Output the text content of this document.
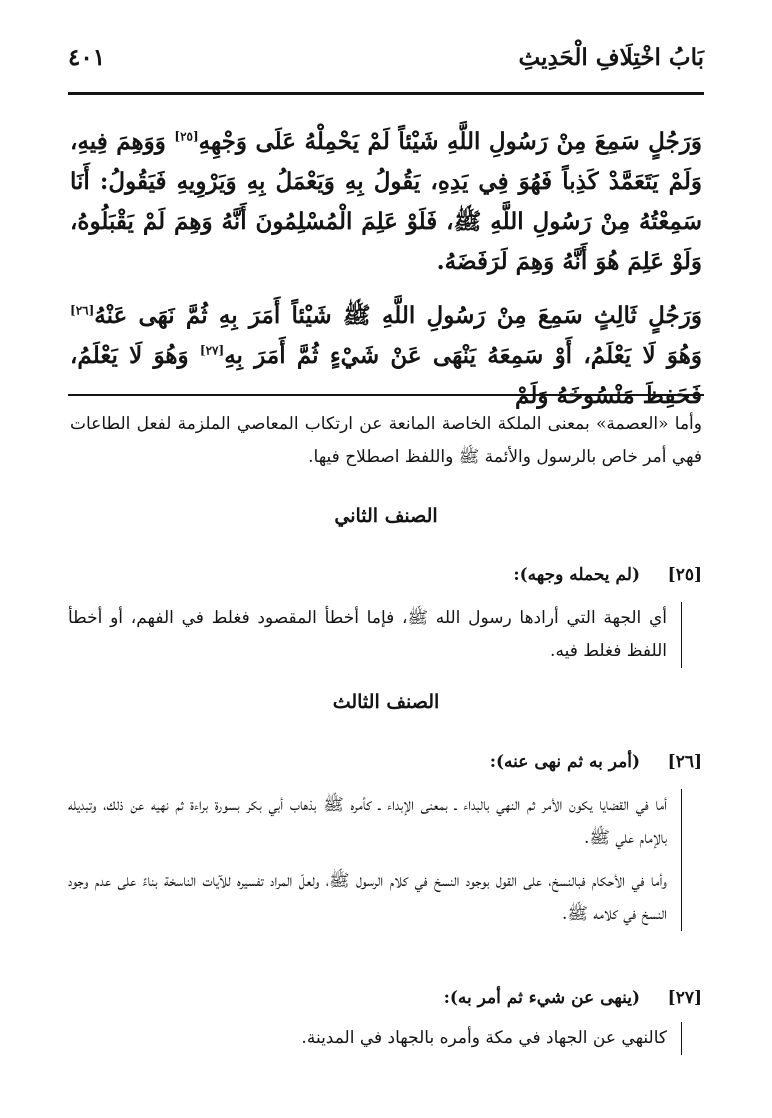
بَابُ اخْتِلَافِ الْحَدِيثِ
٤٠١

وَرَجُلٍ سَمِعَ مِنْ رَسُولِ اللَّهِ شَيْئاً لَمْ يَحْمِلْهُ عَلَى وَجْهِهِ[٢٥] وَوَهِمَ فِيهِ، وَلَمْ يَتَعَمَّدْ كَذِباً فَهُوَ فِي يَدِهِ، يَقُولُ بِهِ وَيَعْمَلُ بِهِ وَيَرْوِيهِ فَيَقُولُ: أَنَا سَمِعْتُهُ مِنْ رَسُولِ اللَّهِ ﷺ، فَلَوْ عَلِمَ الْمُسْلِمُونَ أَنَّهُ وَهِمَ لَمْ يَقْبَلُوهُ، وَلَوْ عَلِمَ هُوَ أَنَّهُ وَهِمَ لَرَفَضَهُ.

وَرَجُلٍ ثَالِثٍ سَمِعَ مِنْ رَسُولِ اللَّهِ ﷺ شَيْئاً أَمَرَ بِهِ ثُمَّ نَهَى عَنْهُ[٢٦] وَهُوَ لَا يَعْلَمُ، أَوْ سَمِعَهُ يَنْهَى عَنْ شَيْءٍ ثُمَّ أَمَرَ بِهِ[٢٧] وَهُوَ لَا يَعْلَمُ، فَحَفِظَ مَنْسُوخَهُ وَلَمْ

وأما «العصمة» بمعنى الملكة الخاصة المانعة عن ارتكاب المعاصي الملزمة لفعل الطاعات فهي أمر خاص بالرسول والأئمة ﷺ واللفظ اصطلاح فيها.

الصنف الثاني
[٢٥](لم يحمله وجهه):

أي الجهة التي أرادها رسول الله ﷺ، فإما أخطأ المقصود فغلط في الفهم، أو أخطأ اللفظ فغلط فيه.

الصنف الثالث
[٢٦](أمر به ثم نهى عنه):

أما في القضايا يكون الأمر ثم النهي بالبداء ـ بمعنى الإبداء ـ كأمره ﷺ بذهاب أبي بكر بسورة براءة ثم نهيه عن ذلك، وتبديله بالإمام علي ﷺ.

وأما في الأحكام فبالنسخ، على القول بوجود النسخ في كلام الرسول ﷺ، ولعلّ المراد تفسيره للآيات الناسخة بناءً على عدم وجود النسخ في كلامه ﷺ.

[٢٧](ينهى عن شيء ثم أمر به):

كالنهي عن الجهاد في مكة وأمره بالجهاد في المدينة.
